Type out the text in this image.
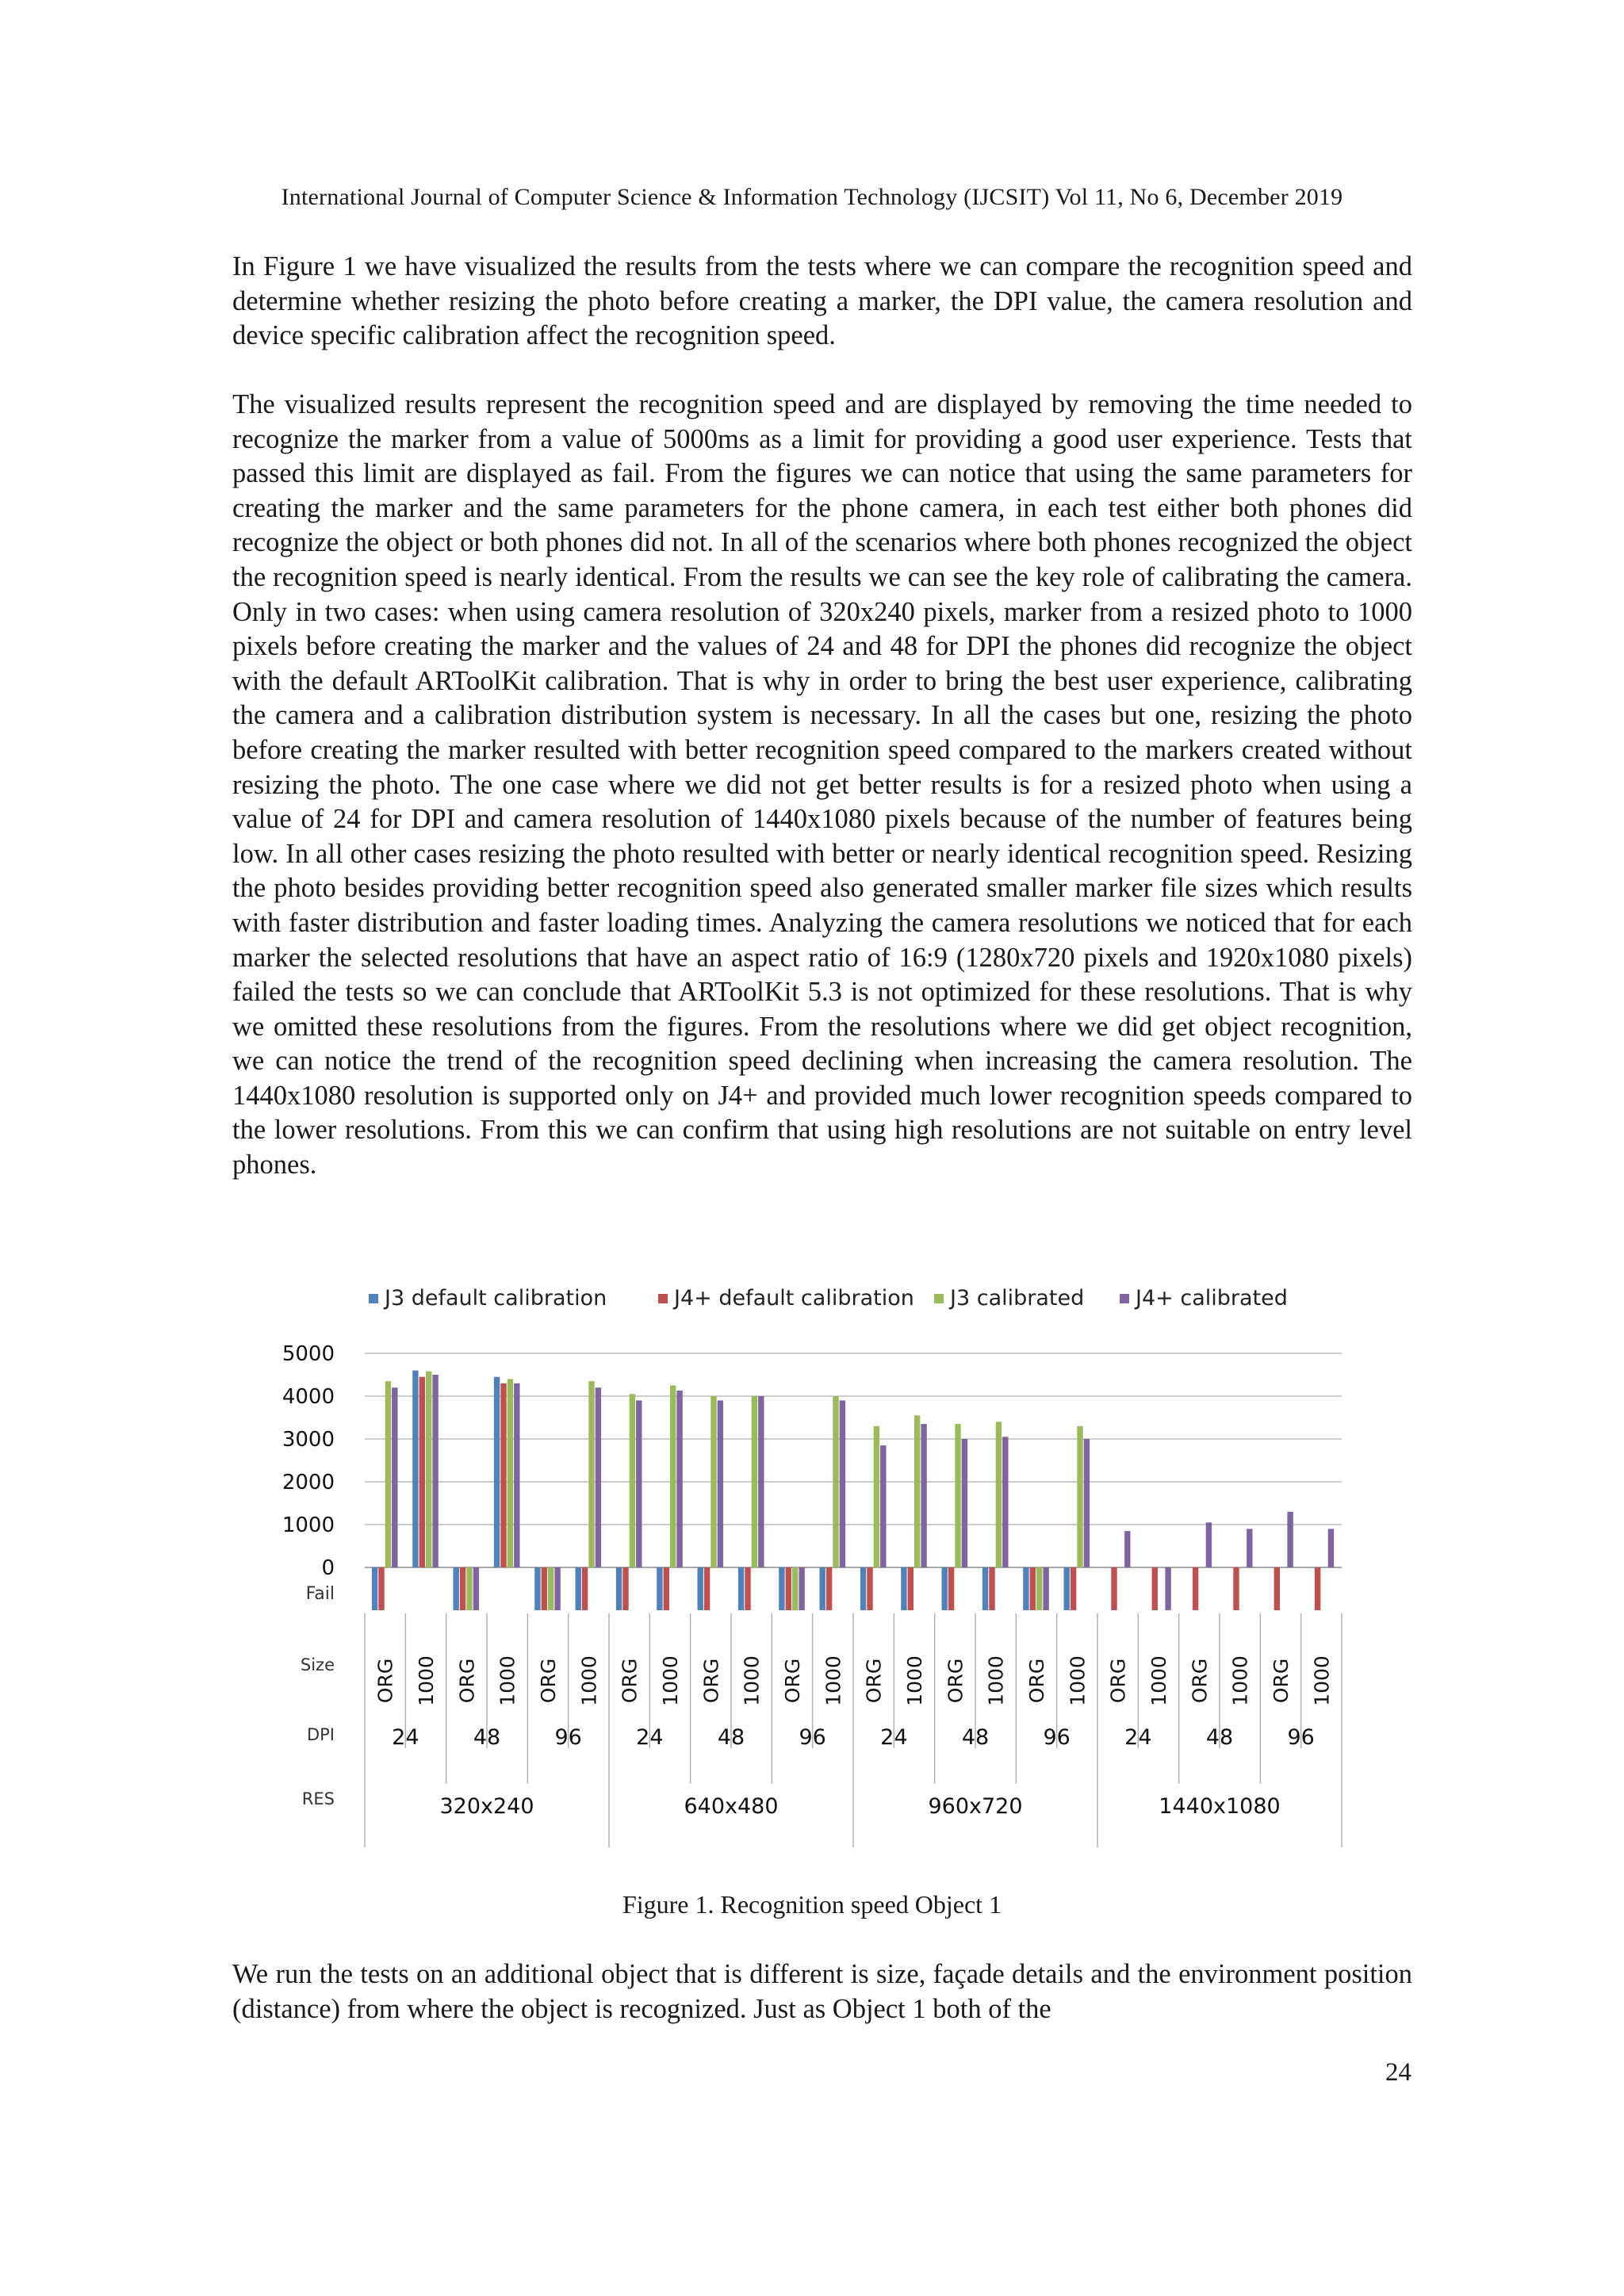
International Journal of Computer Science & Information Technology (IJCSIT) Vol 11, No 6, December 2019

In Figure 1 we have visualized the results from the tests where we can compare the recognition speed and determine whether resizing the photo before creating a marker, the DPI value, the camera resolution and device specific calibration affect the recognition speed.

The visualized results represent the recognition speed and are displayed by removing the time needed to recognize the marker from a value of 5000ms as a limit for providing a good user experience. Tests that passed this limit are displayed as fail. From the figures we can notice that using the same parameters for creating the marker and the same parameters for the phone camera, in each test either both phones did recognize the object or both phones did not. In all of the scenarios where both phones recognized the object the recognition speed is nearly identical. From the results we can see the key role of calibrating the camera. Only in two cases: when using camera resolution of 320x240 pixels, marker from a resized photo to 1000 pixels before creating the marker and the values of 24 and 48 for DPI the phones did recognize the object with the default ARToolKit calibration. That is why in order to bring the best user experience, calibrating the camera and a calibration distribution system is necessary. In all the cases but one, resizing the photo before creating the marker resulted with better recognition speed compared to the markers created without resizing the photo. The one case where we did not get better results is for a resized photo when using a value of 24 for DPI and camera resolution of 1440x1080 pixels because of the number of features being low. In all other cases resizing the photo resulted with better or nearly identical recognition speed. Resizing the photo besides providing better recognition speed also generated smaller marker file sizes which results with faster distribution and faster loading times. Analyzing the camera resolutions we noticed that for each marker the selected resolutions that have an aspect ratio of 16:9 (1280x720 pixels and 1920x1080 pixels) failed the tests so we can conclude that ARToolKit 5.3 is not optimized for these resolutions. That is why we omitted these resolutions from the figures. From the resolutions where we did get object recognition, we can notice the trend of the recognition speed declining when increasing the camera resolution. The 1440x1080 resolution is supported only on J4+ and provided much lower recognition speeds compared to the lower resolutions. From this we can confirm that using high resolutions are not suitable on entry level phones.

J3 default calibration	J4+ default calibration J3 calibrated J4+ calibrated
5000
4000
3000
2000
1000
0
Fail
Size
DPI
RES
ORG 1000 ORG 1000 ORG 1000 ORG 1000 ORG 1000 ORG 1000 ORG 1000 ORG 1000 ORG 1000 ORG 1000 ORG 1000 ORG 1000
24	48	96	24	48	96	24	48	96	24	48	96
320x240	640x480	960x720	1440x1080
Figure 1. Recognition speed Object 1

We run the tests on an additional object that is different is size, façade details and the environment position (distance) from where the object is recognized. Just as Object 1 both of the

24
